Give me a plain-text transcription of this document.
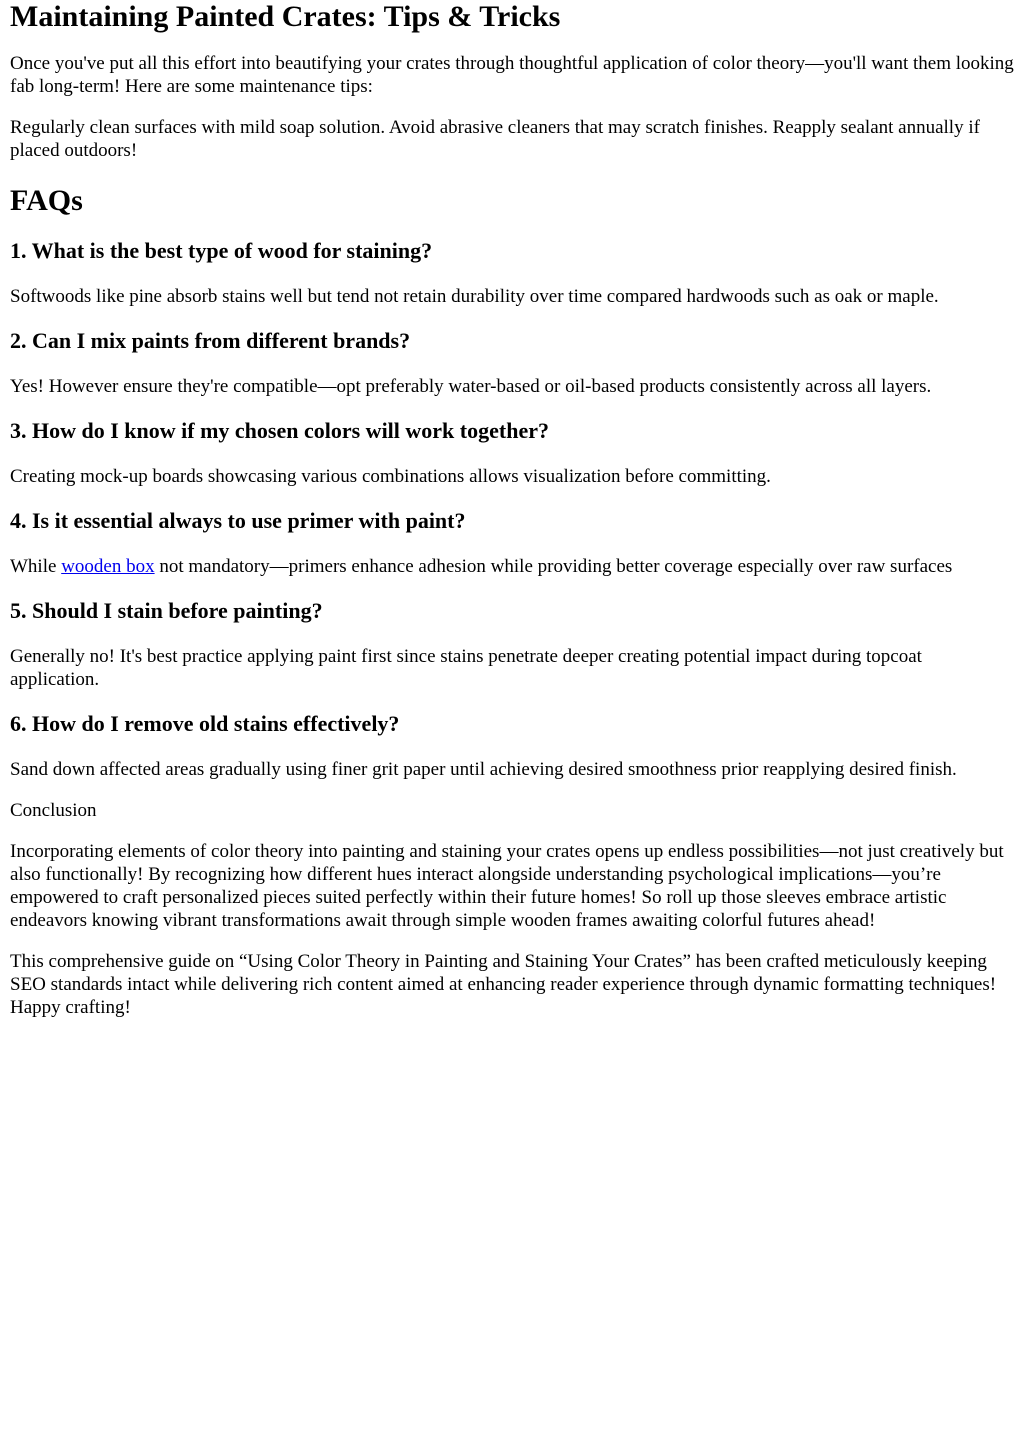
Maintaining Painted Crates: Tips & Tricks

Once you've put all this effort into beautifying your crates through thoughtful application of color theory—you'll want them looking fab long-term! Here are some maintenance tips:

Regularly clean surfaces with mild soap solution. Avoid abrasive cleaners that may scratch finishes. Reapply sealant annually if placed outdoors!

FAQs
1. What is the best type of wood for staining?

Softwoods like pine absorb stains well but tend not retain durability over time compared hardwoods such as oak or maple.

2. Can I mix paints from different brands?

Yes! However ensure they're compatible—opt preferably water-based or oil-based products consistently across all layers.

3. How do I know if my chosen colors will work together?

Creating mock-up boards showcasing various combinations allows visualization before committing.

4. Is it essential always to use primer with paint?

While wooden box not mandatory—primers enhance adhesion while providing better coverage especially over raw surfaces

5. Should I stain before painting?

Generally no! It's best practice applying paint first since stains penetrate deeper creating potential impact during topcoat application.

6. How do I remove old stains effectively?

Sand down affected areas gradually using finer grit paper until achieving desired smoothness prior reapplying desired finish.

Conclusion

Incorporating elements of color theory into painting and staining your crates opens up endless possibilities—not just creatively but also functionally! By recognizing how different hues interact alongside understanding psychological implications—you’re empowered to craft personalized pieces suited perfectly within their future homes! So roll up those sleeves embrace artistic endeavors knowing vibrant transformations await through simple wooden frames awaiting colorful futures ahead!

This comprehensive guide on “Using Color Theory in Painting and Staining Your Crates” has been crafted meticulously keeping SEO standards intact while delivering rich content aimed at enhancing reader experience through dynamic formatting techniques! Happy crafting!
